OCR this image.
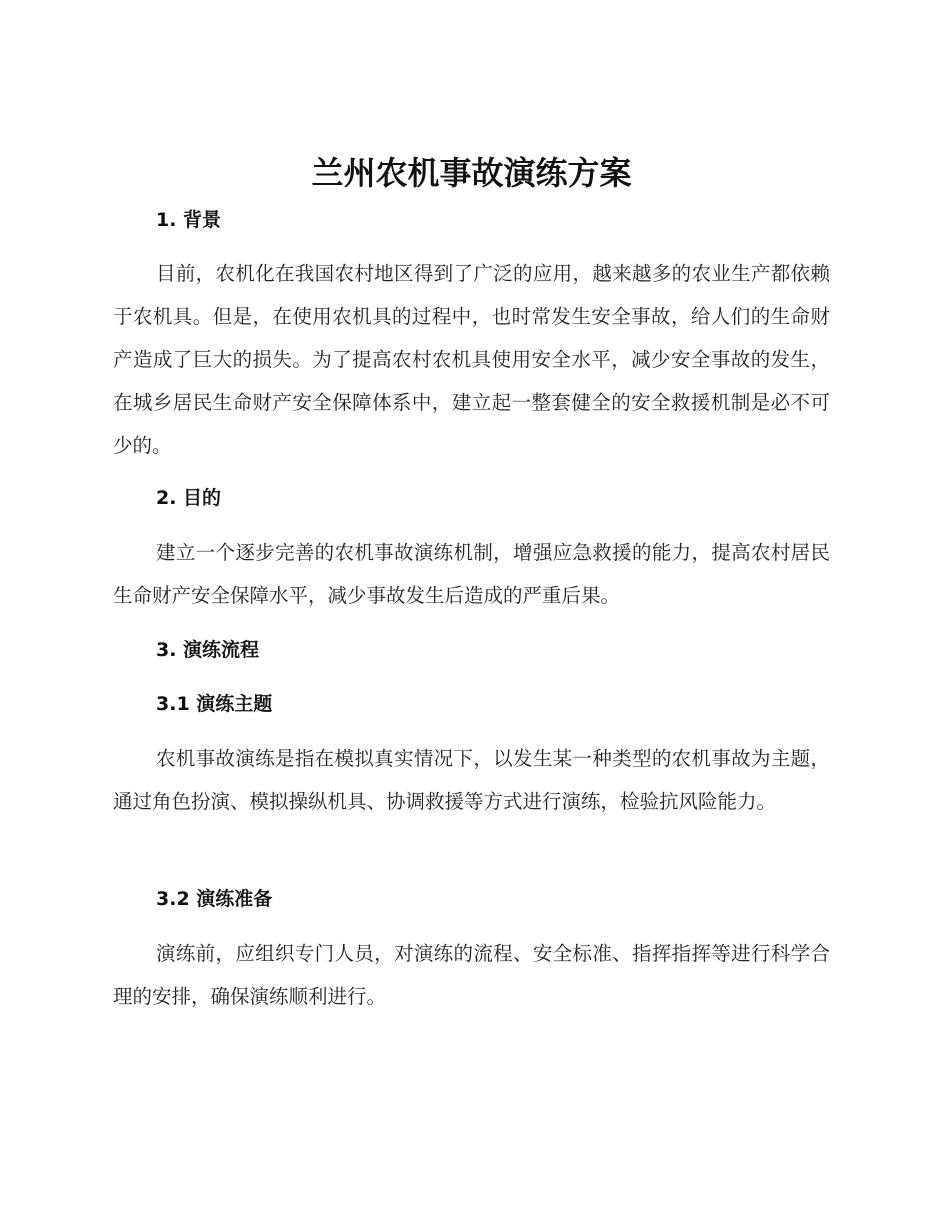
兰州农机事故演练方案
1. 背景

目前，农机化在我国农村地区得到了广泛的应用，越来越多的农业生产都依赖于农机具。但是，在使用农机具的过程中，也时常发生安全事故，给人们的生命财产造成了巨大的损失。为了提高农村农机具使用安全水平，减少安全事故的发生，在城乡居民生命财产安全保障体系中，建立起一整套健全的安全救援机制是必不可少的。

2. 目的

建立一个逐步完善的农机事故演练机制，增强应急救援的能力，提高农村居民生命财产安全保障水平，减少事故发生后造成的严重后果。

3. 演练流程
3.1 演练主题

农机事故演练是指在模拟真实情况下，以发生某一种类型的农机事故为主题，通过角色扮演、模拟操纵机具、协调救援等方式进行演练，检验抗风险能力。

3.2 演练准备

演练前，应组织专门人员，对演练的流程、安全标准、指挥指挥等进行科学合理的安排，确保演练顺利进行。
